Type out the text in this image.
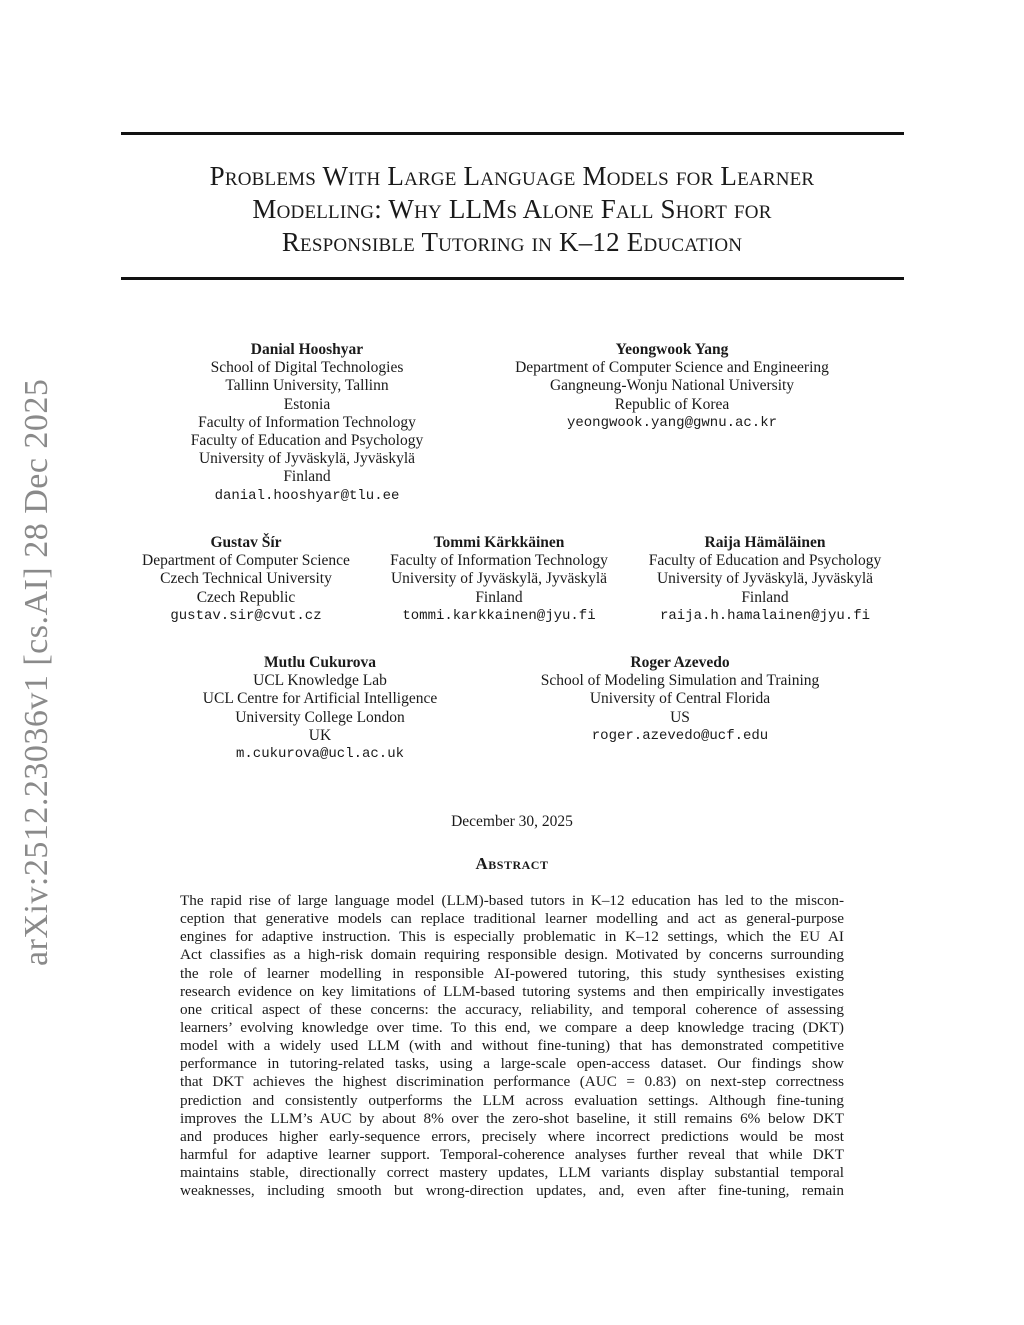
Problems With Large Language Models for Learner
Modelling: Why LLMs Alone Fall Short for
Responsible Tutoring in K–12 Education
arXiv:2512.23036v1 [cs.AI] 28 Dec 2025
Danial Hooshyar
School of Digital Technologies
Tallinn University, Tallinn
Estonia
Faculty of Information Technology
Faculty of Education and Psychology
University of Jyväskylä, Jyväskylä
Finland
danial.hooshyar@tlu.ee
Yeongwook Yang
Department of Computer Science and Engineering
Gangneung-Wonju National University
Republic of Korea
yeongwook.yang@gwnu.ac.kr
Gustav Šír
Department of Computer Science
Czech Technical University
Czech Republic
gustav.sir@cvut.cz
Tommi Kärkkäinen
Faculty of Information Technology
University of Jyväskylä, Jyväskylä
Finland
tommi.karkkainen@jyu.fi
Raija Hämäläinen
Faculty of Education and Psychology
University of Jyväskylä, Jyväskylä
Finland
raija.h.hamalainen@jyu.fi
Mutlu Cukurova
UCL Knowledge Lab
UCL Centre for Artificial Intelligence
University College London
UK
m.cukurova@ucl.ac.uk
Roger Azevedo
School of Modeling Simulation and Training
University of Central Florida
US
roger.azevedo@ucf.edu
December 30, 2025
Abstract
The rapid rise of large language model (LLM)-based tutors in K–12 education has led to the miscon-
ception that generative models can replace traditional learner modelling and act as general-purpose
engines for adaptive instruction. This is especially problematic in K–12 settings, which the EU AI
Act classifies as a high-risk domain requiring responsible design. Motivated by concerns surrounding
the role of learner modelling in responsible AI-powered tutoring, this study synthesises existing
research evidence on key limitations of LLM-based tutoring systems and then empirically investigates
one critical aspect of these concerns: the accuracy, reliability, and temporal coherence of assessing
learners’ evolving knowledge over time. To this end, we compare a deep knowledge tracing (DKT)
model with a widely used LLM (with and without fine-tuning) that has demonstrated competitive
performance in tutoring-related tasks, using a large-scale open-access dataset. Our findings show
that DKT achieves the highest discrimination performance (AUC = 0.83) on next-step correctness
prediction and consistently outperforms the LLM across evaluation settings. Although fine-tuning
improves the LLM’s AUC by about 8% over the zero-shot baseline, it still remains 6% below DKT
and produces higher early-sequence errors, precisely where incorrect predictions would be most
harmful for adaptive learner support. Temporal-coherence analyses further reveal that while DKT
maintains stable, directionally correct mastery updates, LLM variants display substantial temporal
weaknesses, including smooth but wrong-direction updates, and, even after fine-tuning, remain
